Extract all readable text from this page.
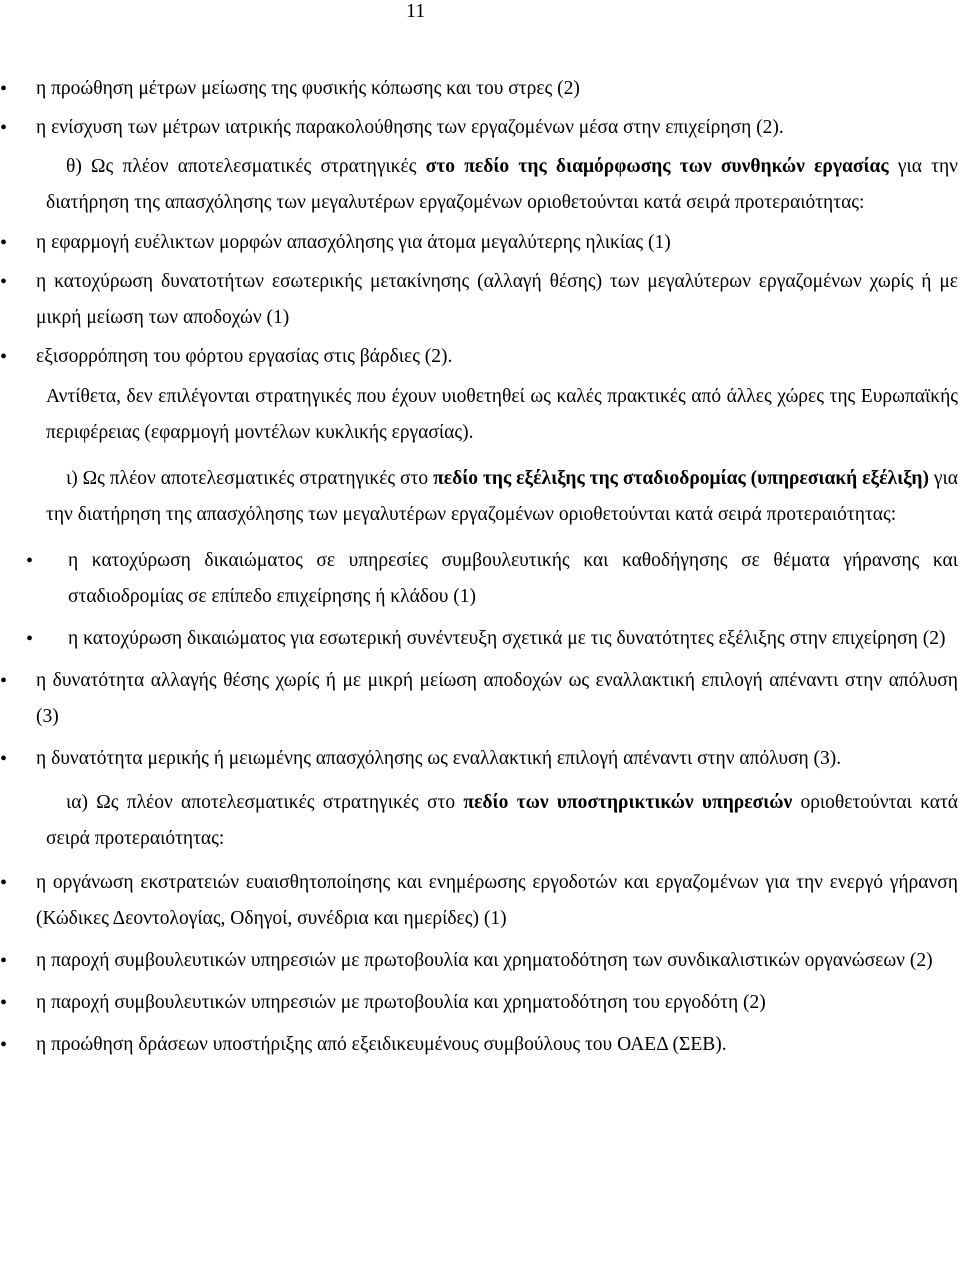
11
• η προώθηση μέτρων μείωσης της φυσικής κόπωσης και του στρες (2)
• η ενίσχυση των μέτρων ιατρικής παρακολούθησης των εργαζομένων μέσα στην επιχείρηση (2).
θ) Ως πλέον αποτελεσματικές στρατηγικές στο πεδίο της διαμόρφωσης των συνθηκών εργασίας για την διατήρηση της απασχόλησης των μεγαλυτέρων εργαζομένων οριοθετούνται κατά σειρά προτεραιότητας:
• η εφαρμογή ευέλικτων μορφών απασχόλησης για άτομα μεγαλύτερης ηλικίας (1)
• η κατοχύρωση δυνατοτήτων εσωτερικής μετακίνησης (αλλαγή θέσης) των μεγαλύτερων εργαζομένων χωρίς ή με μικρή μείωση των αποδοχών (1)
• εξισορρόπηση του φόρτου εργασίας στις βάρδιες (2).
Αντίθετα, δεν επιλέγονται στρατηγικές που έχουν υιοθετηθεί ως καλές πρακτικές από άλλες χώρες της Ευρωπαϊκής περιφέρειας (εφαρμογή μοντέλων κυκλικής εργασίας).
ι) Ως πλέον αποτελεσματικές στρατηγικές στο πεδίο της εξέλιξης της σταδιοδρομίας (υπηρεσιακή εξέλιξη) για την διατήρηση της απασχόλησης των μεγαλυτέρων εργαζομένων οριοθετούνται κατά σειρά προτεραιότητας:
• η κατοχύρωση δικαιώματος σε υπηρεσίες συμβουλευτικής και καθοδήγησης σε θέματα γήρανσης και σταδιοδρομίας σε επίπεδο επιχείρησης ή κλάδου (1)
• η κατοχύρωση δικαιώματος για εσωτερική συνέντευξη σχετικά με τις δυνατότητες εξέλιξης στην επιχείρηση (2)
• η δυνατότητα αλλαγής θέσης χωρίς ή με μικρή μείωση αποδοχών ως εναλλακτική επιλογή απέναντι στην απόλυση (3)
• η δυνατότητα μερικής ή μειωμένης απασχόλησης ως εναλλακτική επιλογή απέναντι στην απόλυση (3).
ια) Ως πλέον αποτελεσματικές στρατηγικές στο πεδίο των υποστηρικτικών υπηρεσιών οριοθετούνται κατά σειρά προτεραιότητας:
• η οργάνωση εκστρατειών ευαισθητοποίησης και ενημέρωσης εργοδοτών και εργαζομένων για την ενεργό γήρανση (Κώδικες Δεοντολογίας, Οδηγοί, συνέδρια και ημερίδες) (1)
• η παροχή συμβουλευτικών υπηρεσιών με πρωτοβουλία και χρηματοδότηση των συνδικαλιστικών οργανώσεων (2)
• η παροχή συμβουλευτικών υπηρεσιών με πρωτοβουλία και χρηματοδότηση του εργοδότη (2)
• η προώθηση δράσεων υποστήριξης από εξειδικευμένους συμβούλους του ΟΑΕΔ (ΣΕΒ).
